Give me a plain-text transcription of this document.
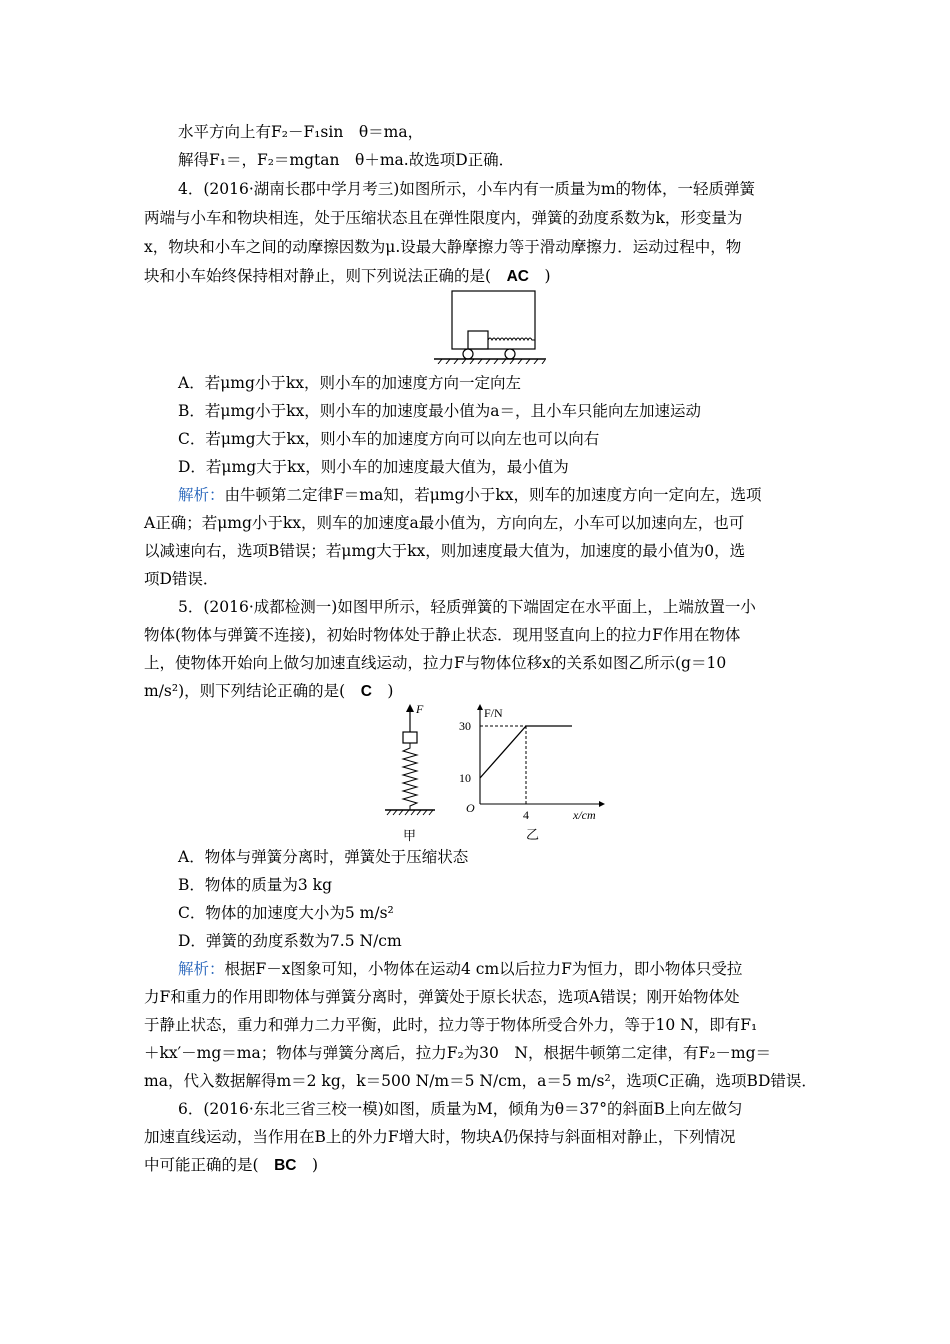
水平方向上有F₂－F₁sin　θ＝ma，
解得F₁＝，F₂＝mgtan　θ＋ma.故选项D正确．
4．(2016·湖南长郡中学月考三)如图所示，小车内有一质量为m的物体，一轻质弹簧
两端与小车和物块相连，处于压缩状态且在弹性限度内，弹簧的劲度系数为k，形变量为
x，物块和小车之间的动摩擦因数为μ.设最大静摩擦力等于滑动摩擦力．运动过程中，物
块和小车始终保持相对静止，则下列说法正确的是(　AC　)
A．若μmg小于kx，则小车的加速度方向一定向左
B．若μmg小于kx，则小车的加速度最小值为a＝，且小车只能向左加速运动
C．若μmg大于kx，则小车的加速度方向可以向左也可以向右
D．若μmg大于kx，则小车的加速度最大值为，最小值为
解析：由牛顿第二定律F＝ma知，若μmg小于kx，则车的加速度方向一定向左，选项
A正确；若μmg小于kx，则车的加速度a最小值为，方向向左，小车可以加速向左，也可
以减速向右，选项B错误；若μmg大于kx，则加速度最大值为，加速度的最小值为0，选
项D错误．
5．(2016·成都检测一)如图甲所示，轻质弹簧的下端固定在水平面上，上端放置一小
物体(物体与弹簧不连接)，初始时物体处于静止状态．现用竖直向上的拉力F作用在物体
上，使物体开始向上做匀加速直线运动，拉力F与物体位移x的关系如图乙所示(g＝10
m/s²)，则下列结论正确的是(　C　)
F
甲
F/N
x/cm
O
30
10
4
乙
A．物体与弹簧分离时，弹簧处于压缩状态
B．物体的质量为3 kg
C．物体的加速度大小为5 m/s²
D．弹簧的劲度系数为7.5 N/cm
解析：根据F－x图象可知，小物体在运动4 cm以后拉力F为恒力，即小物体只受拉
力F和重力的作用即物体与弹簧分离时，弹簧处于原长状态，选项A错误；刚开始物体处
于静止状态，重力和弹力二力平衡，此时，拉力等于物体所受合外力，等于10 N，即有F₁
＋kx′－mg＝ma；物体与弹簧分离后，拉力F₂为30　N，根据牛顿第二定律，有F₂－mg＝
ma，代入数据解得m＝2 kg，k＝500 N/m＝5 N/cm，a＝5 m/s²，选项C正确，选项BD错误．
6．(2016·东北三省三校一模)如图，质量为M，倾角为θ＝37°的斜面B上向左做匀
加速直线运动，当作用在B上的外力F增大时，物块A仍保持与斜面相对静止，下列情况
中可能正确的是(　BC　)
